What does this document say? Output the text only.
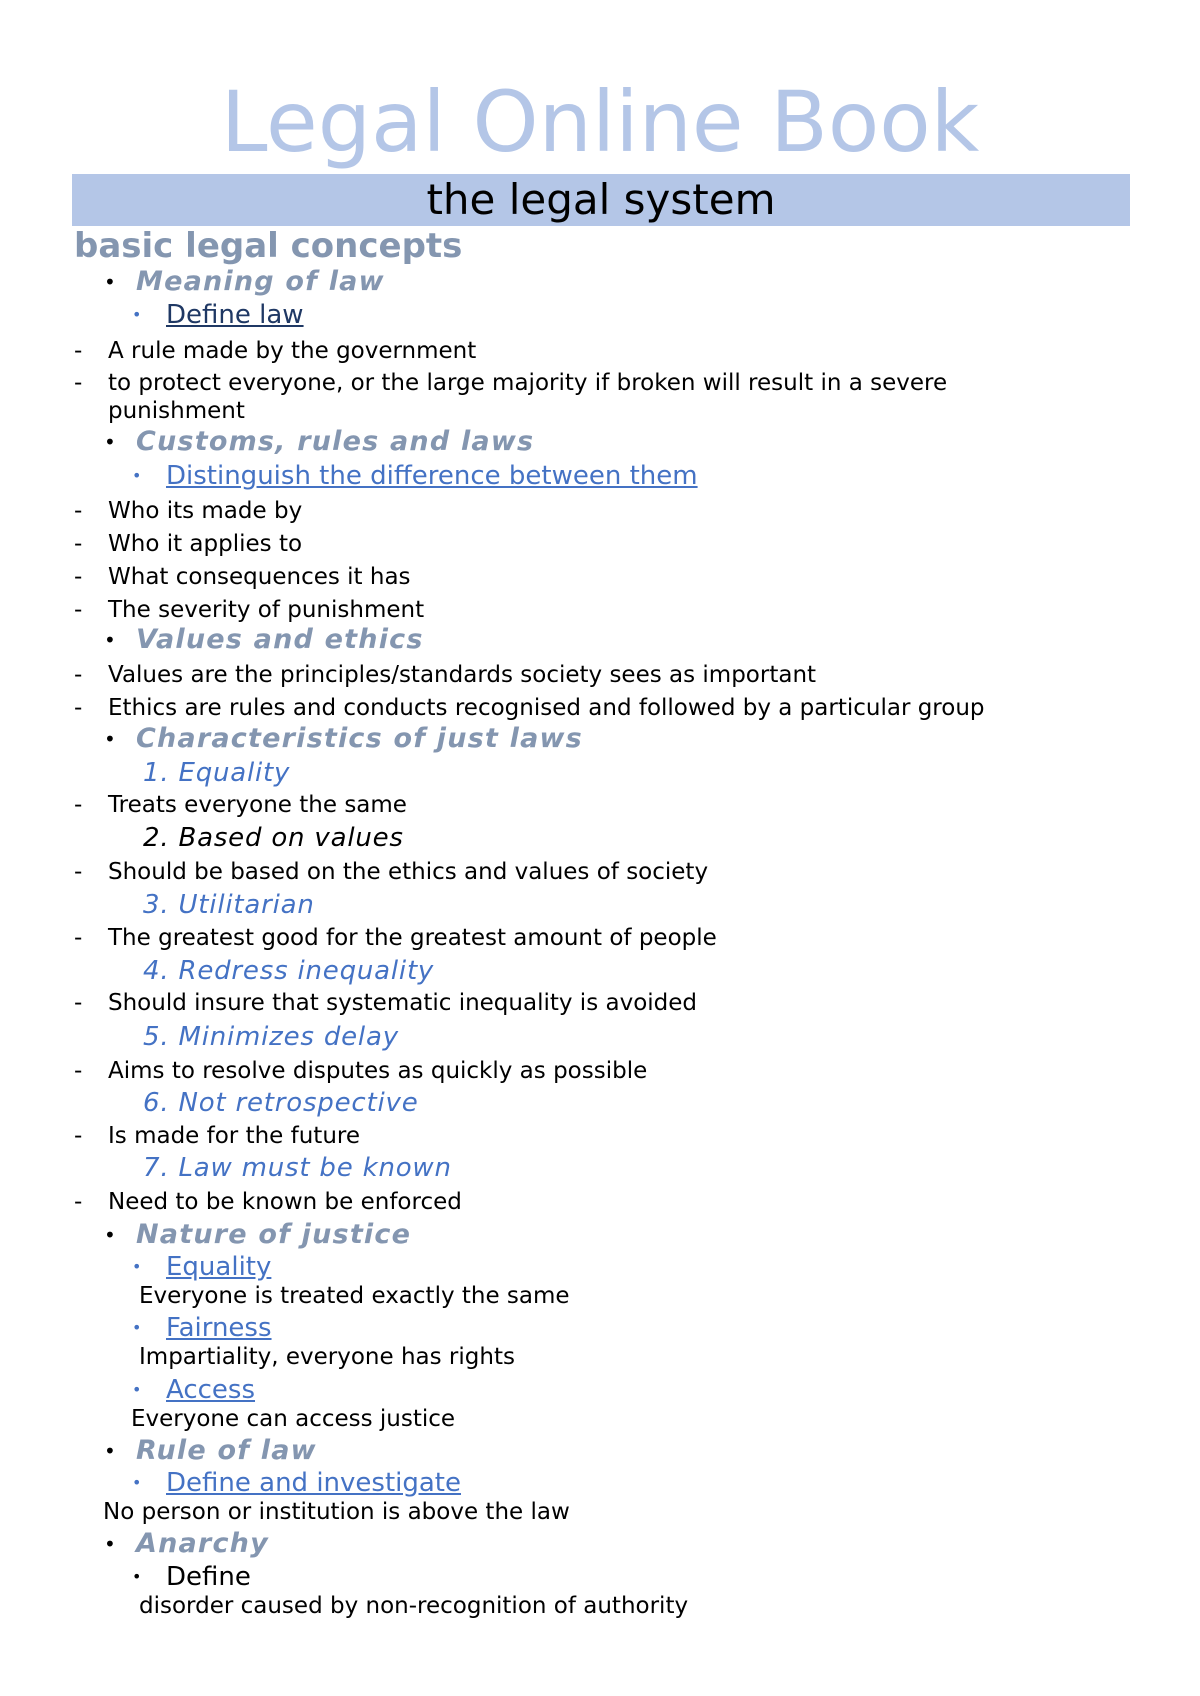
Legal Online Book
the legal system
basic legal concepts
• Meaning of law
• Define law
- A rule made by the government
- to protect everyone, or the large majority if broken will result in a severe
punishment
• Customs, rules and laws
• Distinguish the difference between them
- Who its made by
- Who it applies to
- What consequences it has
- The severity of punishment
• Values and ethics
- Values are the principles/standards society sees as important
- Ethics are rules and conducts recognised and followed by a particular group
• Characteristics of just laws
1. Equality
- Treats everyone the same
2. Based on values
- Should be based on the ethics and values of society
3. Utilitarian
- The greatest good for the greatest amount of people
4. Redress inequality
- Should insure that systematic inequality is avoided
5. Minimizes delay
- Aims to resolve disputes as quickly as possible
6. Not retrospective
- Is made for the future
7. Law must be known
- Need to be known be enforced
• Nature of justice
• Equality
Everyone is treated exactly the same
• Fairness
Impartiality, everyone has rights
• Access
Everyone can access justice
• Rule of law
• Define and investigate
No person or institution is above the law
• Anarchy
• Define
disorder caused by non-recognition of authority
